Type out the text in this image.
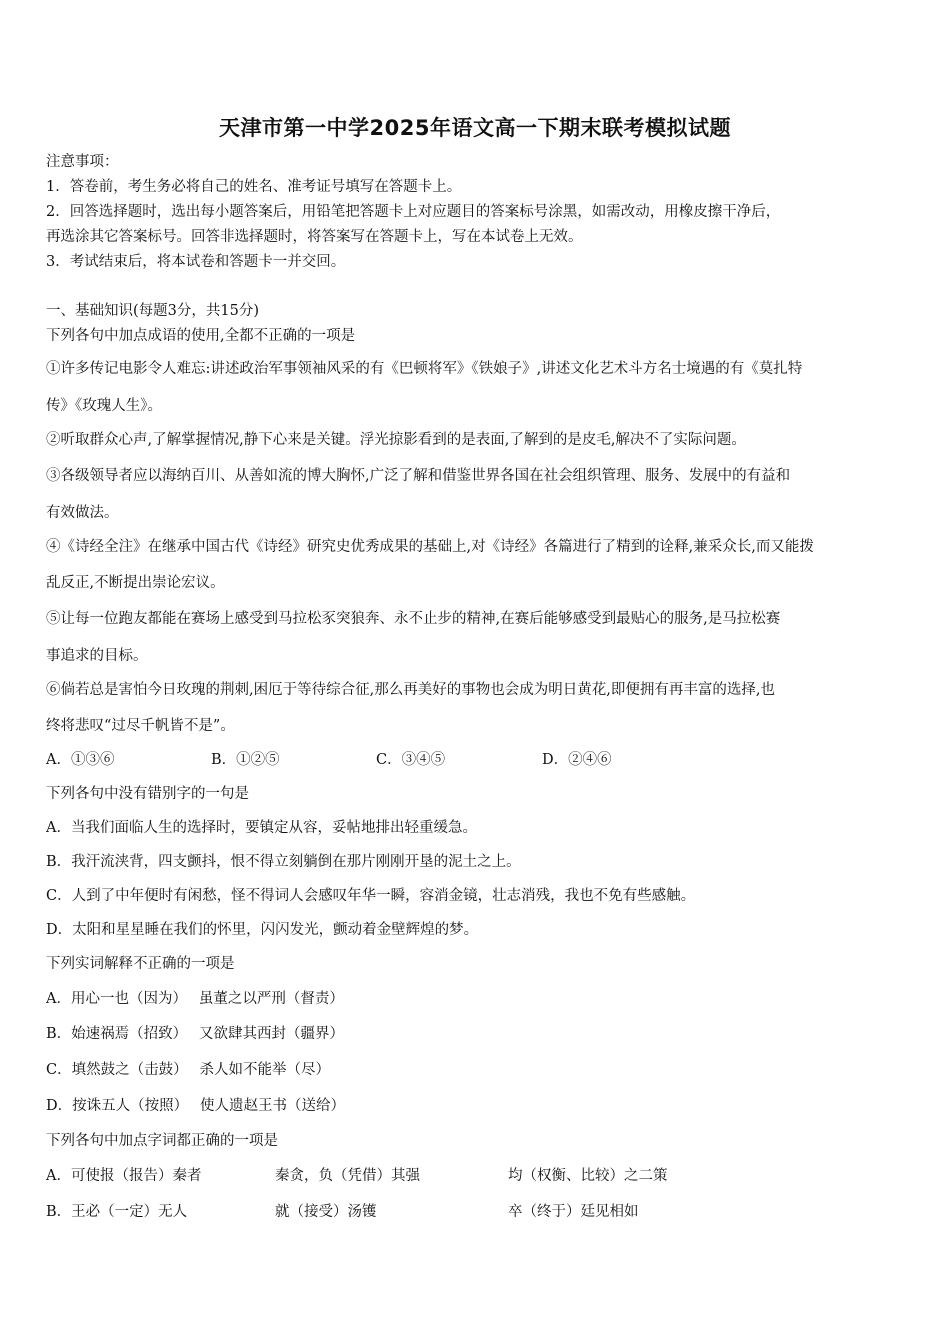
天津市第一中学2025年语文高一下期末联考模拟试题
注意事项：
1．答卷前，考生务必将自己的姓名、准考证号填写在答题卡上。
2．回答选择题时，选出每小题答案后，用铅笔把答题卡上对应题目的答案标号涂黑，如需改动，用橡皮擦干净后，
再选涂其它答案标号。回答非选择题时，将答案写在答题卡上，写在本试卷上无效。
3．考试结束后，将本试卷和答题卡一并交回。
一、基础知识(每题3分，共15分)
下列各句中加点成语的使用,全都不正确的一项是
①许多传记电影令人难忘:讲述政治军事领袖风采的有《巴顿将军》《铁娘子》,讲述文化艺术斗方名士境遇的有《莫扎特
传》《玫瑰人生》。
②听取群众心声,了解掌握情况,静下心来是关键。浮光掠影看到的是表面,了解到的是皮毛,解决不了实际问题。
③各级领导者应以海纳百川、从善如流的博大胸怀,广泛了解和借鉴世界各国在社会组织管理、服务、发展中的有益和
有效做法。
④《诗经全注》在继承中国古代《诗经》研究史优秀成果的基础上,对《诗经》各篇进行了精到的诠释,兼采众长,而又能拨
乱反正,不断提出崇论宏议。
⑤让每一位跑友都能在赛场上感受到马拉松豕突狼奔、永不止步的精神,在赛后能够感受到最贴心的服务,是马拉松赛
事追求的目标。
⑥倘若总是害怕今日玫瑰的荆刺,困厄于等待综合征,那么再美好的事物也会成为明日黄花,即便拥有再丰富的选择,也
终将悲叹“过尽千帆皆不是”。
A．①③⑥	B．①②⑤	C．③④⑤	D．②④⑥
下列各句中没有错别字的一句是
A．当我们面临人生的选择时，要镇定从容，妥帖地排出轻重缓急。
B．我汗流浃背，四支颤抖，恨不得立刻躺倒在那片刚刚开垦的泥土之上。
C．人到了中年便时有闲愁，怪不得词人会感叹年华一瞬，容消金镜，壮志消残，我也不免有些感触。
D．太阳和星星睡在我们的怀里，闪闪发光，颤动着金壁辉煌的梦。
下列实词解释不正确的一项是
A．用心一也（因为）　 虽董之以严刑（督责）
B．始速祸焉（招致）　 又欲肆其西封（疆界）
C．填然鼓之（击鼓）　 杀人如不能举（尽）
D．按诛五人（按照）　 使人遗赵王书（送给）
下列各句中加点字词都正确的一项是
A．可使报（报告）秦者	秦贪，负（凭借）其强	均（权衡、比较）之二策
B．王必（一定）无人	就（接受）汤镬	卒（终于）廷见相如
